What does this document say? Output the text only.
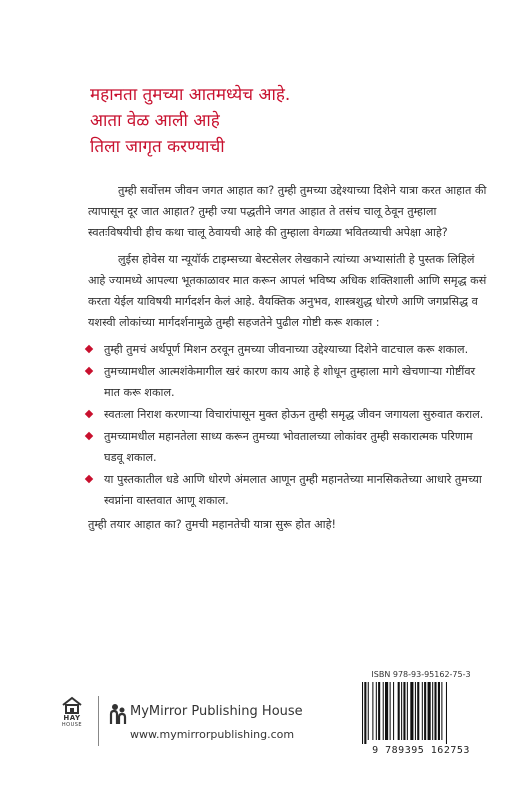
महानता तुमच्या आतमध्येच आहे.
आता वेळ आली आहे
तिला जागृत करण्याची

तुम्ही सर्वोत्तम जीवन जगत आहात का? तुम्ही तुमच्या उद्देश्याच्या दिशेने यात्रा करत आहात की त्यापासून दूर जात आहात? तुम्ही ज्या पद्धतीने जगत आहात ते तसंच चालू ठेवून तुम्हाला स्वतःविषयीची हीच कथा चालू ठेवायची आहे की तुम्हाला वेगळ्या भवितव्याची अपेक्षा आहे?

लुईस होवेस या न्यूयॉर्क टाइम्सच्या बेस्टसेलर लेखकाने त्यांच्या अभ्यासांती हे पुस्तक लिहिलं आहे ज्यामध्ये आपल्या भूतकाळावर मात करून आपलं भविष्य अधिक शक्तिशाली आणि समृद्ध कसं करता येईल याविषयी मार्गदर्शन केलं आहे. वैयक्तिक अनुभव, शास्त्रशुद्ध धोरणे आणि जगप्रसिद्ध व यशस्वी लोकांच्या मार्गदर्शनामुळे तुम्ही सहजतेने पुढील गोष्टी करू शकाल :

तुम्ही तुमचं अर्थपूर्ण मिशन ठरवून तुमच्या जीवनाच्या उद्देश्याच्या दिशेने वाटचाल करू शकाल.
तुमच्यामधील आत्मशंकेमागील खरं कारण काय आहे हे शोधून तुम्हाला मागे खेचणाऱ्या गोष्टींवर मात करू शकाल.
स्वतःला निराश करणाऱ्या विचारांपासून मुक्त होऊन तुम्ही समृद्ध जीवन जगायला सुरुवात कराल.
तुमच्यामधील महानतेला साध्य करून तुमच्या भोवतालच्या लोकांवर तुम्ही सकारात्मक परिणाम घडवू शकाल.
या पुस्तकातील धडे आणि धोरणे अंमलात आणून तुम्ही महानतेच्या मानसिकतेच्या आधारे तुमच्या स्वप्नांना वास्तवात आणू शकाल.

तुम्ही तयार आहात का? तुमची महानतेची यात्रा सुरू होत आहे!

HAY
HOUSE
MyMirror Publishing House
www.mymirrorpublishing.com
ISBN 978-93-95162-75-3
9 789395 162753
